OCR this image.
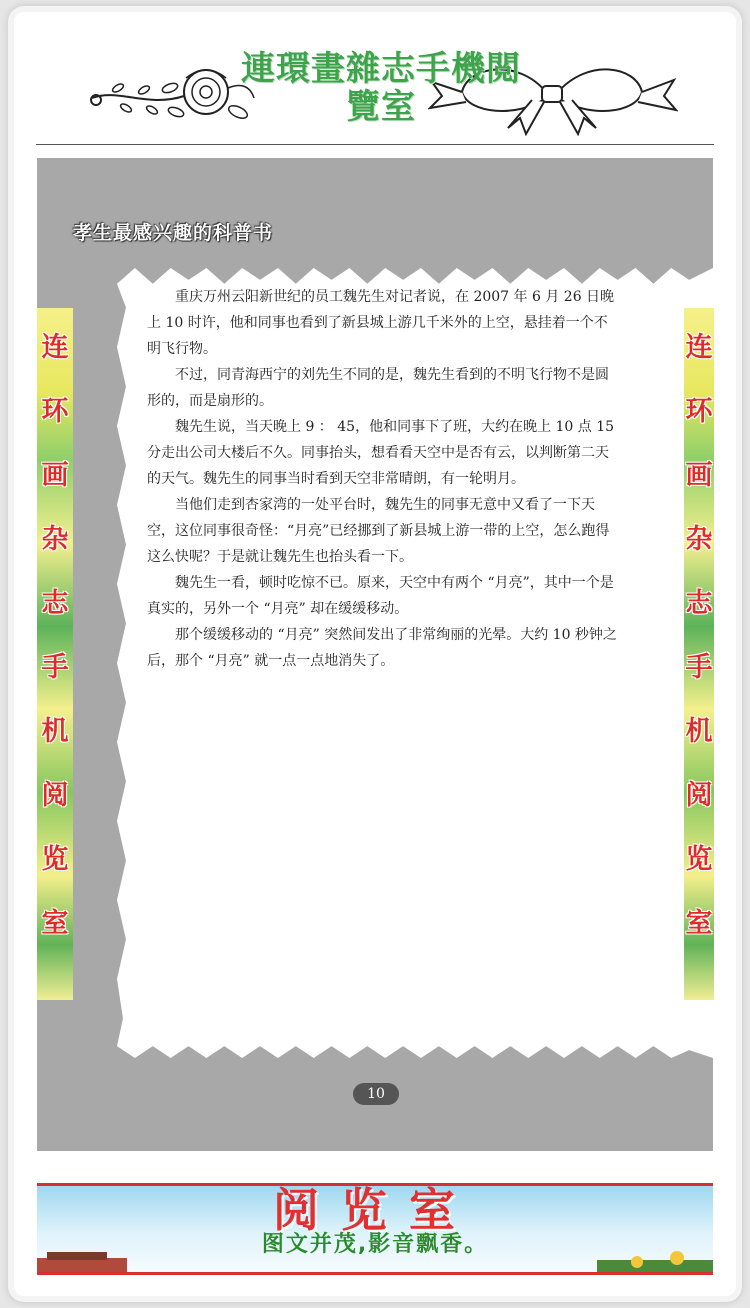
連環畫雜志手機閲
覽室
孝生最感兴趣的科普书

重庆万州云阳新世纪的员工魏先生对记者说，在 2007 年 6 月 26 日晚上 10 时许，他和同事也看到了新县城上游几千米外的上空，悬挂着一个不明飞行物。

不过，同青海西宁的刘先生不同的是，魏先生看到的不明飞行物不是圆形的，而是扇形的。

魏先生说，当天晚上 9 ： 45，他和同事下了班，大约在晚上 10 点 15 分走出公司大楼后不久。同事抬头，想看看天空中是否有云，以判断第二天的天气。魏先生的同事当时看到天空非常晴朗，有一轮明月。

当他们走到杏家湾的一处平台时，魏先生的同事无意中又看了一下天空，这位同事很奇怪：“月亮”已经挪到了新县城上游一带的上空，怎么跑得这么快呢？于是就让魏先生也抬头看一下。

魏先生一看，顿时吃惊不已。原来，天空中有两个 “月亮”，其中一个是真实的，另外一个 “月亮” 却在缓缓移动。

那个缓缓移动的 “月亮” 突然间发出了非常绚丽的光晕。大约 10 秒钟之后，那个 “月亮” 就一点一点地消失了。

10
连
环
画
杂
志
手
机
阅
览
室
连
环
画
杂
志
手
机
阅
览
室
阅览室
图文并茂,影音飘香。
